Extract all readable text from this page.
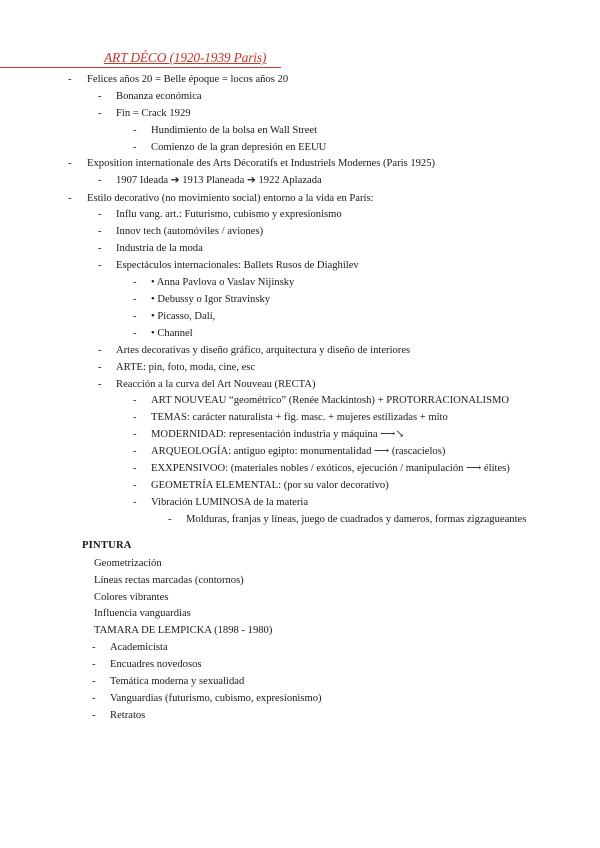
ART DÉCO (1920-1939 Paris)
- Felices años 20 = Belle époque = locos años 20
- Bonanza económica
- Fin = Crack 1929
- Hundimiento de la bolsa en Wall Street
- Comienzo de la gran depresión en EEUU
- Exposition internationale des Arts Décoratifs et Industriels Modernes (Paris 1925)
- 1907 Ideada ➔ 1913 Planeada ➔ 1922 Aplazada
- Estilo decorativo (no movimiento social) entorno a la vida en París:
- Influ vang. art.: Futurismo, cubismo y expresionismo
- Innov tech (automóviles / aviones)
- Industria de la moda
- Espectáculos internacionales: Ballets Rusos de Diaghilev
- • Anna Pavlova o Vaslav Nijinsky
- • Debussy o Igor Stravinsky
- • Picasso, Dalí,
- • Channel
- Artes decorativas y diseño gráfico, arquitectura y diseño de interiores
- ARTE: pin, foto, moda, cine, esc
- Reacción a la curva del Art Nouveau (RECTA)
- ART NOUVEAU “geométrico” (Renée Mackintosh) + PROTORRACIONALISMO
- TEMAS: carácter naturalista + fig. masc. + mujeres estilizadas + mito
- MODERNIDAD: representación industria y máquina ⟶↘
- ARQUEOLOGÍA: antiguo egipto: monumentalidad ⟶ (rascacielos)
- EXXPENSIVOO: (materiales nobles / exóticos, ejecución / manipulación ⟶ élites)
- GEOMETRÍA ELEMENTAL: (por su valor decorativo)
- Vibración LUMINOSA de la materia
- Molduras, franjas y líneas, juego de cuadrados y dameros, formas zigzagueantes
PINTURA
Geometrización
Líneas rectas marcadas (contornos)
Colores vibrantes
Influencia vanguardias
TAMARA DE LEMPICKA (1898 - 1980)
- Academicista
- Encuadres novedosos
- Temática moderna y sexualidad
- Vanguardias (futurismo, cubismo, expresionismo)
- Retratos
